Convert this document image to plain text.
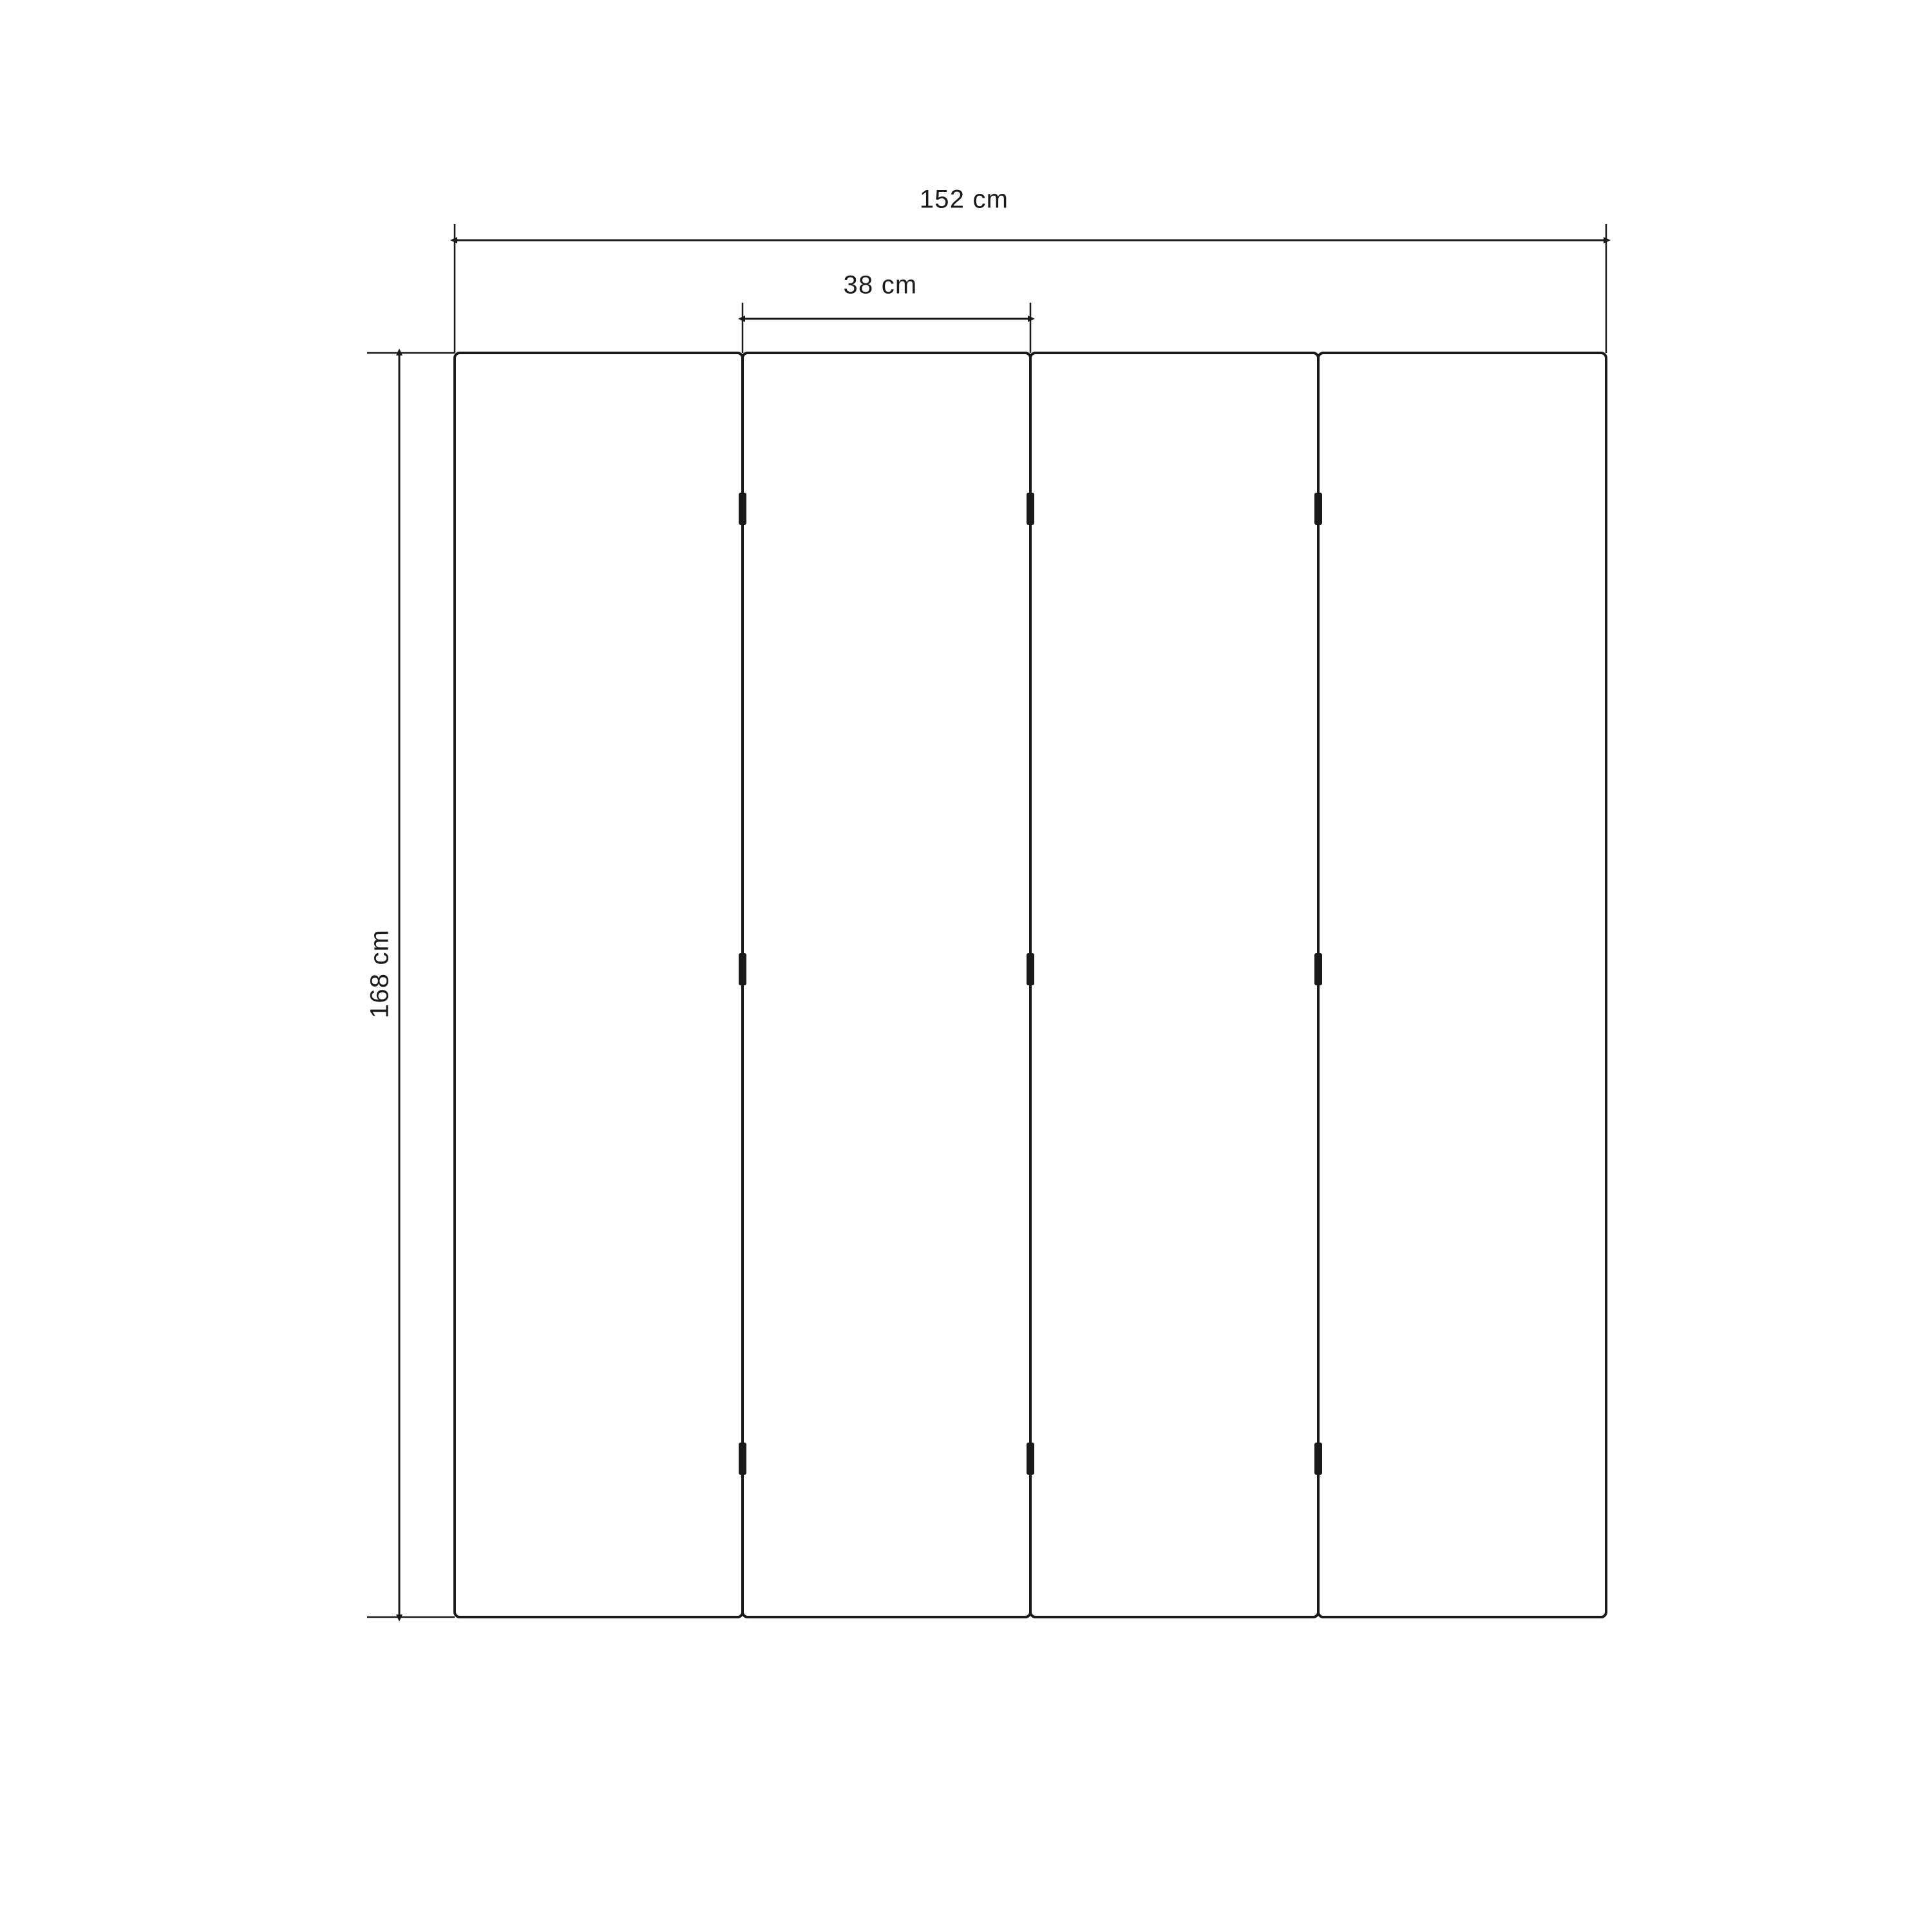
152 cm
38 cm
168 cm
